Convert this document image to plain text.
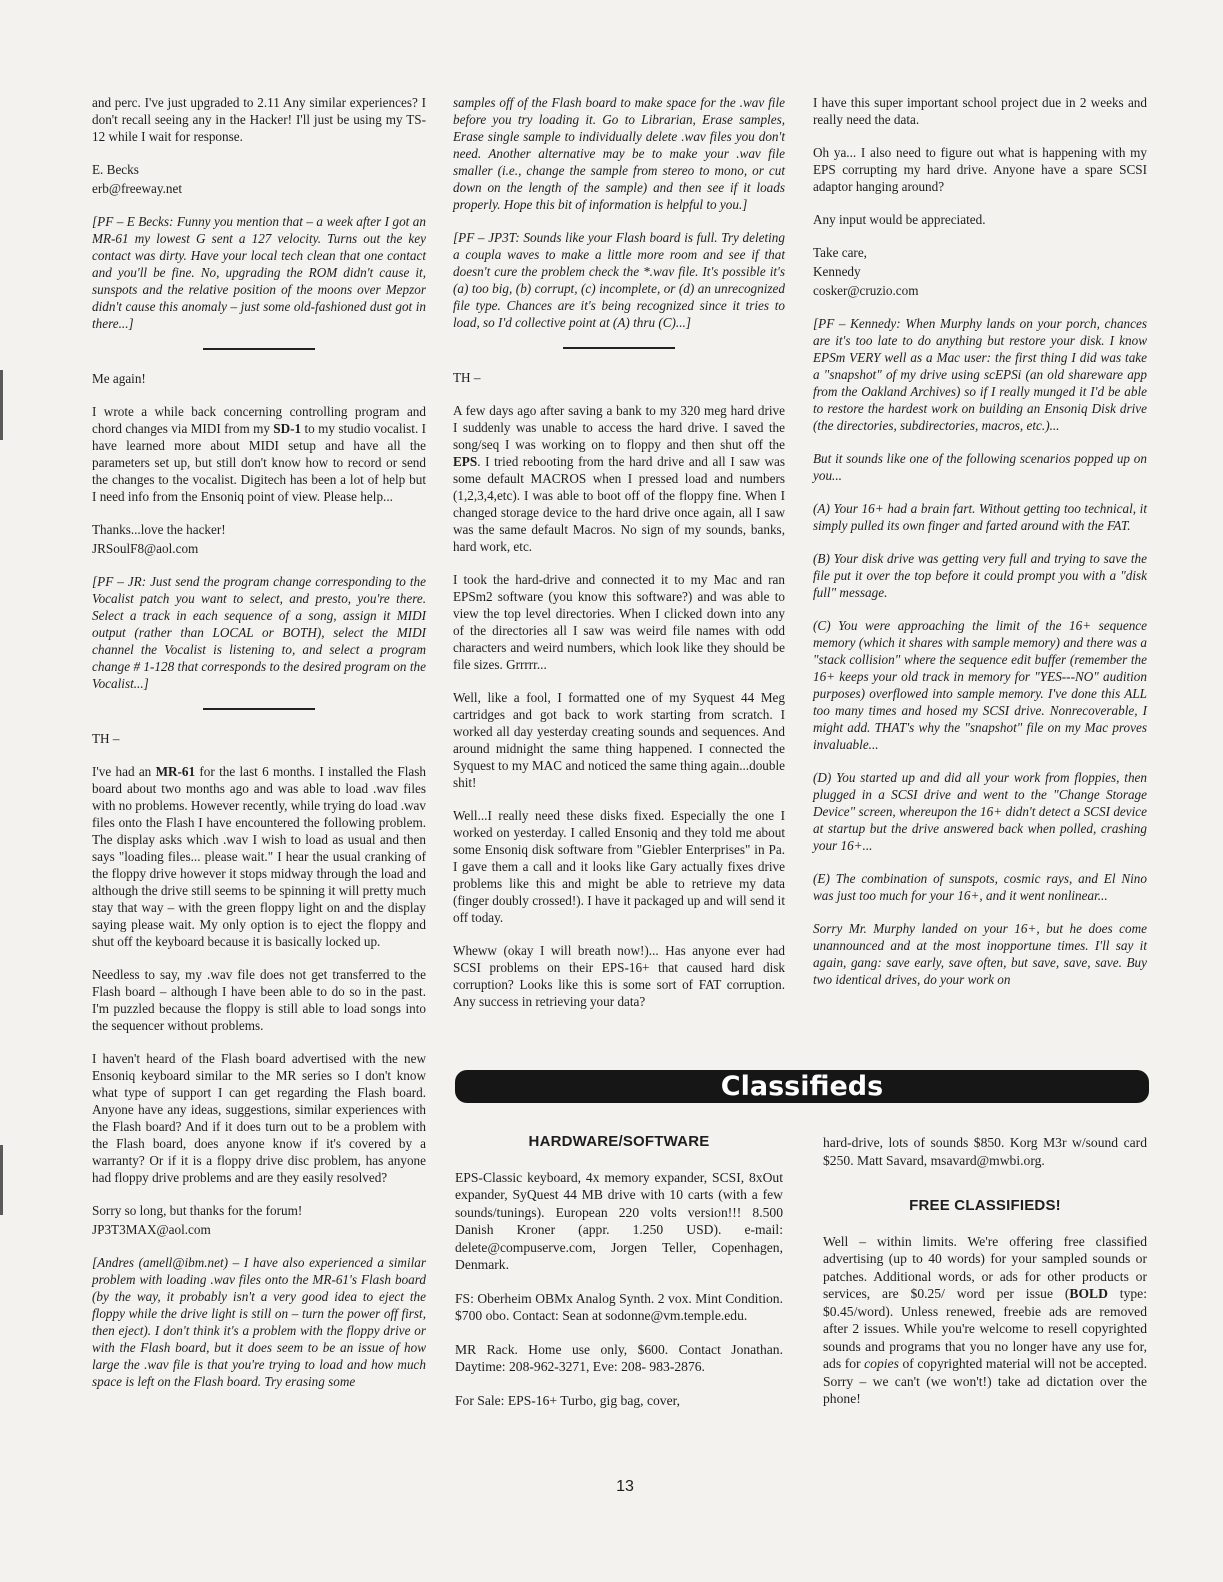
and perc. I've just upgraded to 2.11 Any similar experiences? I don't recall seeing any in the Hacker! I'll just be using my TS-12 while I wait for response.

E. Becks

erb@freeway.net

[PF – E Becks: Funny you mention that – a week after I got an MR-61 my lowest G sent a 127 velocity. Turns out the key contact was dirty. Have your local tech clean that one contact and you'll be fine. No, upgrading the ROM didn't cause it, sunspots and the relative position of the moons over Mepzor didn't cause this anomaly – just some old-fashioned dust got in there...]

Me again!

I wrote a while back concerning controlling program and chord changes via MIDI from my SD-1 to my studio vocalist. I have learned more about MIDI setup and have all the parameters set up, but still don't know how to record or send the changes to the vocalist. Digitech has been a lot of help but I need info from the Ensoniq point of view. Please help...

Thanks...love the hacker!

JRSoulF8@aol.com

[PF – JR: Just send the program change corresponding to the Vocalist patch you want to select, and presto, you're there. Select a track in each sequence of a song, assign it MIDI output (rather than LOCAL or BOTH), select the MIDI channel the Vocalist is listening to, and select a program change # 1-128 that corresponds to the desired program on the Vocalist...]

TH –

I've had an MR-61 for the last 6 months. I installed the Flash board about two months ago and was able to load .wav files with no problems. However recently, while trying do load .wav files onto the Flash I have encountered the following problem. The display asks which .wav I wish to load as usual and then says "loading files... please wait." I hear the usual cranking of the floppy drive however it stops midway through the load and although the drive still seems to be spinning it will pretty much stay that way – with the green floppy light on and the display saying please wait. My only option is to eject the floppy and shut off the keyboard because it is basically locked up.

Needless to say, my .wav file does not get transferred to the Flash board – although I have been able to do so in the past. I'm puzzled because the floppy is still able to load songs into the sequencer without problems.

I haven't heard of the Flash board advertised with the new Ensoniq keyboard similar to the MR series so I don't know what type of support I can get regarding the Flash board. Anyone have any ideas, suggestions, similar experiences with the Flash board? And if it does turn out to be a problem with the Flash board, does anyone know if it's covered by a warranty? Or if it is a floppy drive disc problem, has anyone had floppy drive problems and are they easily resolved?

Sorry so long, but thanks for the forum!

JP3T3MAX@aol.com

[Andres (amell@ibm.net) – I have also experienced a similar problem with loading .wav files onto the MR-61's Flash board (by the way, it probably isn't a very good idea to eject the floppy while the drive light is still on – turn the power off first, then eject). I don't think it's a problem with the floppy drive or with the Flash board, but it does seem to be an issue of how large the .wav file is that you're trying to load and how much space is left on the Flash board. Try erasing some

samples off of the Flash board to make space for the .wav file before you try loading it. Go to Librarian, Erase samples, Erase single sample to individually delete .wav files you don't need. Another alternative may be to make your .wav file smaller (i.e., change the sample from stereo to mono, or cut down on the length of the sample) and then see if it loads properly. Hope this bit of information is helpful to you.]

[PF – JP3T: Sounds like your Flash board is full. Try deleting a coupla waves to make a little more room and see if that doesn't cure the problem check the *.wav file. It's possible it's (a) too big, (b) corrupt, (c) incomplete, or (d) an unrecognized file type. Chances are it's being recognized since it tries to load, so I'd collective point at (A) thru (C)...]

TH –

A few days ago after saving a bank to my 320 meg hard drive I suddenly was unable to access the hard drive. I saved the song/seq I was working on to floppy and then shut off the EPS. I tried rebooting from the hard drive and all I saw was some default MACROS when I pressed load and numbers (1,2,3,4,etc). I was able to boot off of the floppy fine. When I changed storage device to the hard drive once again, all I saw was the same default Macros. No sign of my sounds, banks, hard work, etc.

I took the hard-drive and connected it to my Mac and ran EPSm2 software (you know this software?) and was able to view the top level directories. When I clicked down into any of the directories all I saw was weird file names with odd characters and weird numbers, which look like they should be file sizes. Grrrrr...

Well, like a fool, I formatted one of my Syquest 44 Meg cartridges and got back to work starting from scratch. I worked all day yesterday creating sounds and sequences. And around midnight the same thing happened. I connected the Syquest to my MAC and noticed the same thing again...double shit!

Well...I really need these disks fixed. Especially the one I worked on yesterday. I called Ensoniq and they told me about some Ensoniq disk software from "Giebler Enterprises" in Pa. I gave them a call and it looks like Gary actually fixes drive problems like this and might be able to retrieve my data (finger doubly crossed!). I have it packaged up and will send it off today.

Wheww (okay I will breath now!)... Has anyone ever had SCSI problems on their EPS-16+ that caused hard disk corruption? Looks like this is some sort of FAT corruption. Any success in retrieving your data?

I have this super important school project due in 2 weeks and really need the data.

Oh ya... I also need to figure out what is happening with my EPS corrupting my hard drive. Anyone have a spare SCSI adaptor hanging around?

Any input would be appreciated.

Take care,

Kennedy

cosker@cruzio.com

[PF – Kennedy: When Murphy lands on your porch, chances are it's too late to do anything but restore your disk. I know EPSm VERY well as a Mac user: the first thing I did was take a "snapshot" of my drive using scEPSi (an old shareware app from the Oakland Archives) so if I really munged it I'd be able to restore the hardest work on building an Ensoniq Disk drive (the directories, subdirectories, macros, etc.)...

But it sounds like one of the following scenarios popped up on you...

(A) Your 16+ had a brain fart. Without getting too technical, it simply pulled its own finger and farted around with the FAT.

(B) Your disk drive was getting very full and trying to save the file put it over the top before it could prompt you with a "disk full" message.

(C) You were approaching the limit of the 16+ sequence memory (which it shares with sample memory) and there was a "stack collision" where the sequence edit buffer (remember the 16+ keeps your old track in memory for "YES---NO" audition purposes) overflowed into sample memory. I've done this ALL too many times and hosed my SCSI drive. Nonrecoverable, I might add. THAT's why the "snapshot" file on my Mac proves invaluable...

(D) You started up and did all your work from floppies, then plugged in a SCSI drive and went to the "Change Storage Device" screen, whereupon the 16+ didn't detect a SCSI device at startup but the drive answered back when polled, crashing your 16+...

(E) The combination of sunspots, cosmic rays, and El Nino was just too much for your 16+, and it went nonlinear...

Sorry Mr. Murphy landed on your 16+, but he does come unannounced and at the most inopportune times. I'll say it again, gang: save early, save often, but save, save, save. Buy two identical drives, do your work on

Classifieds
HARDWARE/SOFTWARE

EPS-Classic keyboard, 4x memory expander, SCSI, 8xOut expander, SyQuest 44 MB drive with 10 carts (with a few sounds/tunings). European 220 volts version!!! 8.500 Danish Kroner (appr. 1.250 USD). e-mail: delete@compuserve.com, Jorgen Teller, Copenhagen, Denmark.

FS: Oberheim OBMx Analog Synth. 2 vox. Mint Condition. $700 obo. Contact: Sean at sodonne@vm.temple.edu.

MR Rack. Home use only, $600. Contact Jonathan. Daytime: 208-962-3271, Eve: 208- 983-2876.

For Sale: EPS-16+ Turbo, gig bag, cover,

hard-drive, lots of sounds $850. Korg M3r w/sound card $250. Matt Savard, msavard@mwbi.org.

FREE CLASSIFIEDS!

Well – within limits. We're offering free classified advertising (up to 40 words) for your sampled sounds or patches. Additional words, or ads for other products or services, are $0.25/ word per issue (BOLD type: $0.45/word). Unless renewed, freebie ads are removed after 2 issues. While you're welcome to resell copyrighted sounds and programs that you no longer have any use for, ads for copies of copyrighted material will not be accepted. Sorry – we can't (we won't!) take ad dictation over the phone!

13
